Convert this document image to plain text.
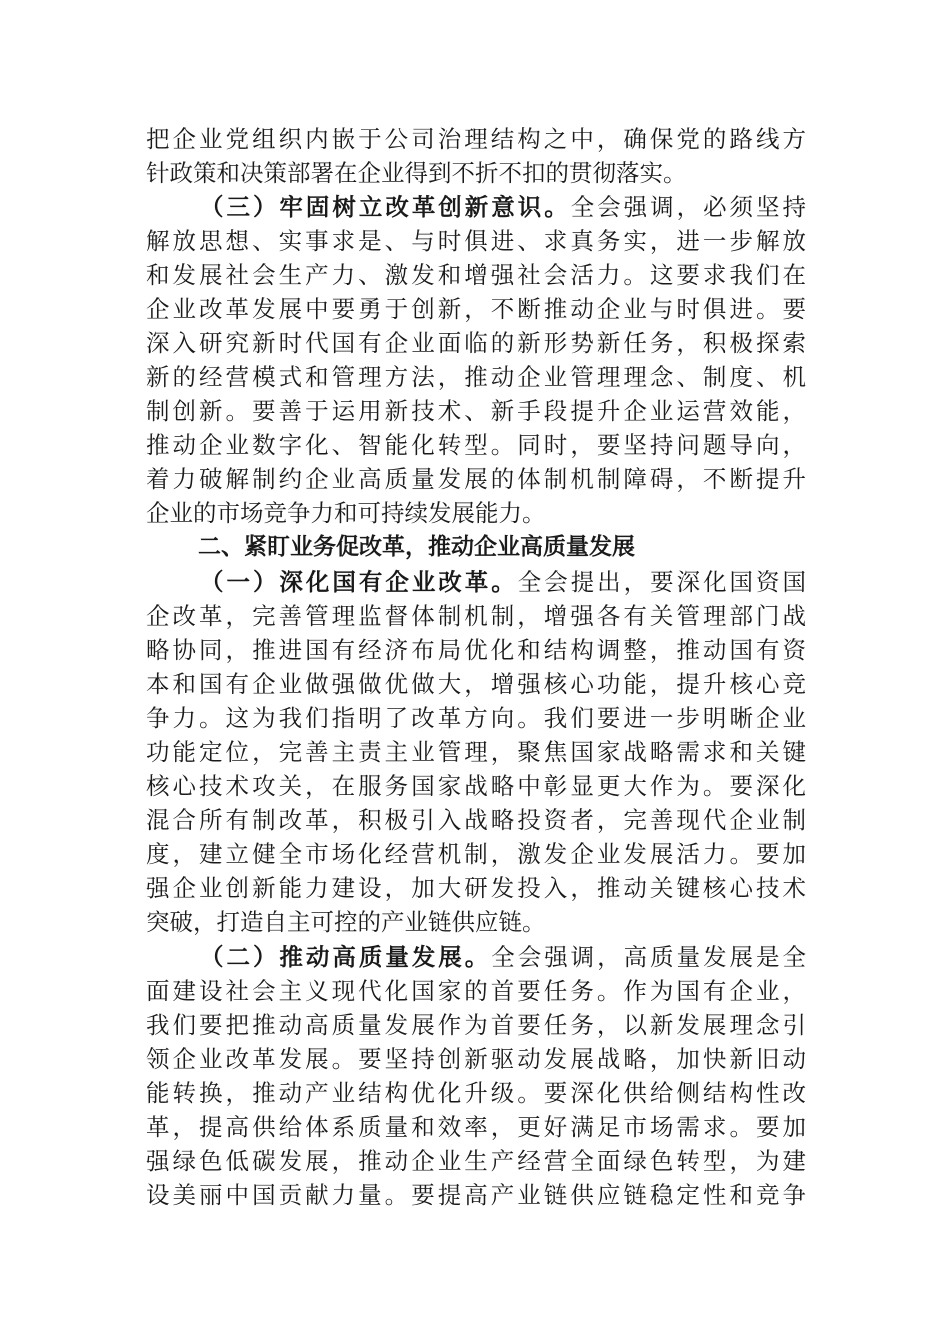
把企业党组织内嵌于公司治理结构之中，确保党的路线方
针政策和决策部署在企业得到不折不扣的贯彻落实。
（三）牢固树立改革创新意识。全会强调，必须坚持
解放思想、实事求是、与时俱进、求真务实，进一步解放
和发展社会生产力、激发和增强社会活力。这要求我们在
企业改革发展中要勇于创新，不断推动企业与时俱进。要
深入研究新时代国有企业面临的新形势新任务，积极探索
新的经营模式和管理方法，推动企业管理理念、制度、机
制创新。要善于运用新技术、新手段提升企业运营效能，
推动企业数字化、智能化转型。同时，要坚持问题导向，
着力破解制约企业高质量发展的体制机制障碍，不断提升
企业的市场竞争力和可持续发展能力。
二、紧盯业务促改革，推动企业高质量发展
（一）深化国有企业改革。全会提出，要深化国资国
企改革，完善管理监督体制机制，增强各有关管理部门战
略协同，推进国有经济布局优化和结构调整，推动国有资
本和国有企业做强做优做大，增强核心功能，提升核心竞
争力。这为我们指明了改革方向。我们要进一步明晰企业
功能定位，完善主责主业管理，聚焦国家战略需求和关键
核心技术攻关，在服务国家战略中彰显更大作为。要深化
混合所有制改革，积极引入战略投资者，完善现代企业制
度，建立健全市场化经营机制，激发企业发展活力。要加
强企业创新能力建设，加大研发投入，推动关键核心技术
突破，打造自主可控的产业链供应链。
（二）推动高质量发展。全会强调，高质量发展是全
面建设社会主义现代化国家的首要任务。作为国有企业，
我们要把推动高质量发展作为首要任务，以新发展理念引
领企业改革发展。要坚持创新驱动发展战略，加快新旧动
能转换，推动产业结构优化升级。要深化供给侧结构性改
革，提高供给体系质量和效率，更好满足市场需求。要加
强绿色低碳发展，推动企业生产经营全面绿色转型，为建
设美丽中国贡献力量。要提高产业链供应链稳定性和竞争
